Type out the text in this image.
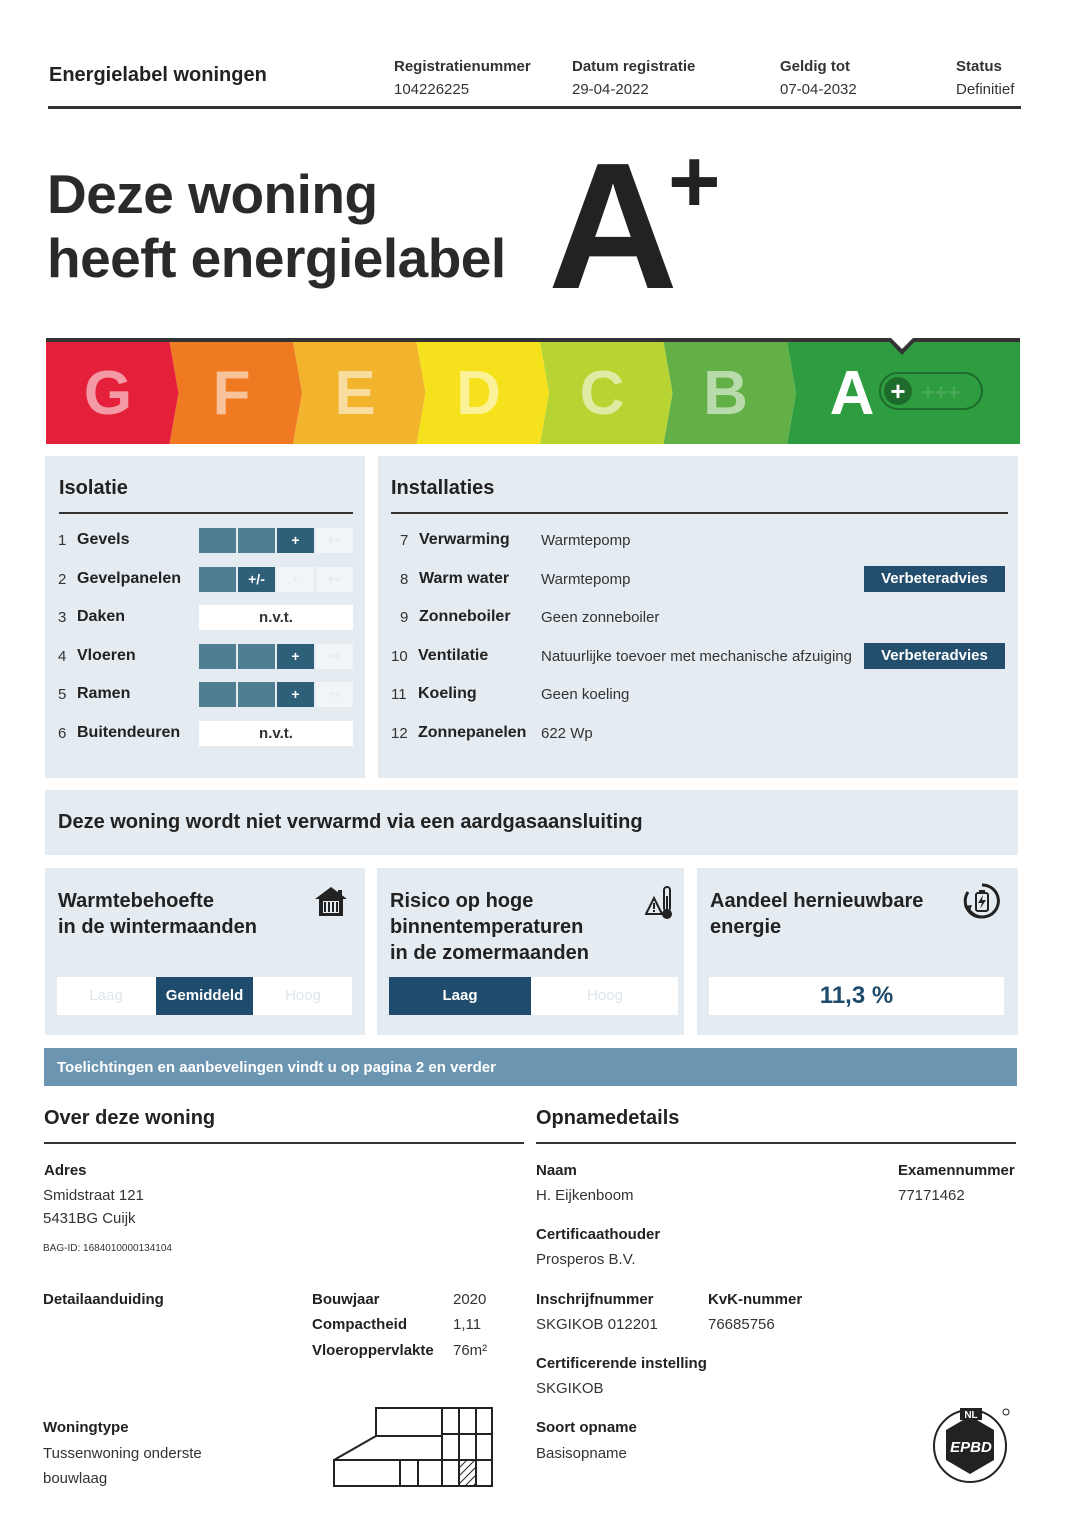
Energielabel woningen	Registratienummer
104226225
Datum registratie
29-04-2022
Geldig tot
07-04-2032
Status
Definitief
Deze woning
heeft energielabel A
+
G F E D C B A + +++
Isolatie
1 Gevels	+	++
2 Gevelpanelen	+/-	+	++
3 Daken	n.v.t.
4 Vloeren	+	++
5 Ramen	+	++
6 Buitendeuren	n.v.t.
Installaties
7 Verwarming Warmtepomp
8 Warm water Warmtepomp	Verbeteradvies
9 Zonneboiler Geen zonneboiler
10 Ventilatie	Natuurlijke toevoer met mechanische afzuiging	Verbeteradvies
11 Koeling	Geen koeling
12 Zonnepanelen 622 Wp
Deze woning wordt niet verwarmd via een aardgasaansluiting
Warmtebehoefte
in de wintermaanden
Laag	Gemiddeld	Hoog
Risico op hoge
binnentemperaturen
in de zomermaanden
Laag	Hoog
Aandeel hernieuwbare
energie
11,3 %
Toelichtingen en aanbevelingen vindt u op pagina 2 en verder
Over deze woning
Adres
Smidstraat 121
5431BG Cuijk
BAG-ID: 1684010000134104
Detailaanduiding	Bouwjaar	2020
Compactheid	1,11
Vloeroppervlakte 76m²
Woningtype
Tussenwoning onderste
bouwlaag
Opnamedetails
Naam
H. Eijkenboom
Examennummer
77171462
Certificaathouder
Prosperos B.V.
Inschrijfnummer
SKGIKOB 012201
KvK-nummer
76685756
Certificerende instelling
SKGIKOB
Soort opname
Basisopname
NL
EPBD
